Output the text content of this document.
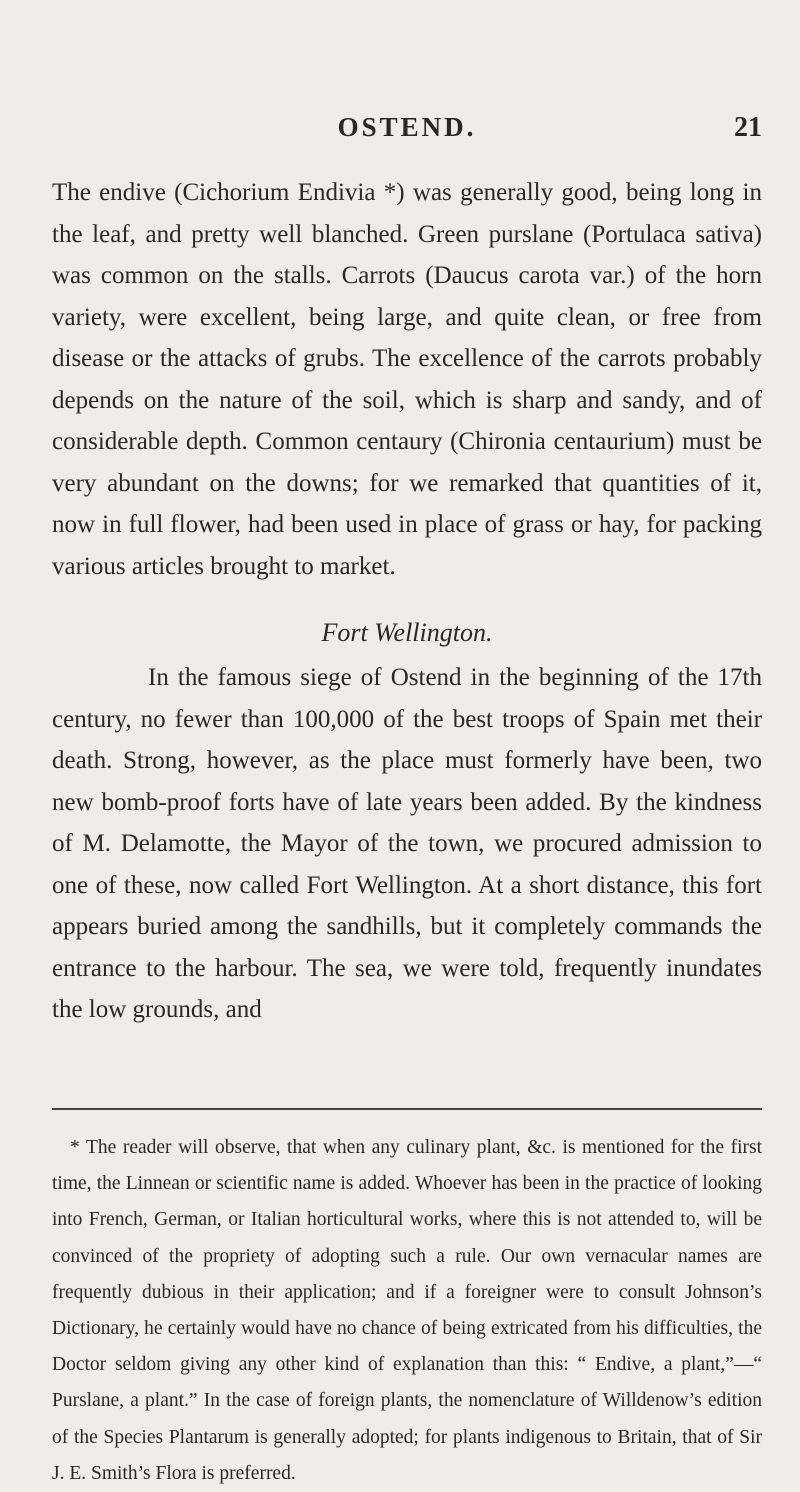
OSTEND.	21

The endive (Cichorium Endivia *) was generally good, being long in the leaf, and pretty well blanched. Green purslane (Portulaca sativa) was common on the stalls. Carrots (Daucus carota var.) of the horn variety, were excellent, being large, and quite clean, or free from disease or the attacks of grubs. The excellence of the carrots probably depends on the nature of the soil, which is sharp and sandy, and of considerable depth. Common centaury (Chironia centaurium) must be very abundant on the downs; for we remarked that quantities of it, now in full flower, had been used in place of grass or hay, for packing various articles brought to market.

Fort Wellington.

In the famous siege of Ostend in the beginning of the 17th century, no fewer than 100,000 of the best troops of Spain met their death. Strong, however, as the place must formerly have been, two new bomb-proof forts have of late years been added. By the kindness of M. Delamotte, the Mayor of the town, we procured admission to one of these, now called Fort Wellington. At a short distance, this fort appears buried among the sandhills, but it completely commands the entrance to the harbour. The sea, we were told, frequently inundates the low grounds, and

* The reader will observe, that when any culinary plant, &c. is mentioned for the first time, the Linnean or scientific name is added. Whoever has been in the practice of looking into French, German, or Italian horticultural works, where this is not attended to, will be convinced of the propriety of adopting such a rule. Our own vernacular names are frequently dubious in their application; and if a foreigner were to consult Johnson’s Dictionary, he certainly would have no chance of being extricated from his difficulties, the Doctor seldom giving any other kind of explanation than this: “ Endive, a plant,”—“ Purslane, a plant.” In the case of foreign plants, the nomenclature of Willdenow’s edition of the Species Plantarum is generally adopted; for plants indigenous to Britain, that of Sir J. E. Smith’s Flora is preferred.
